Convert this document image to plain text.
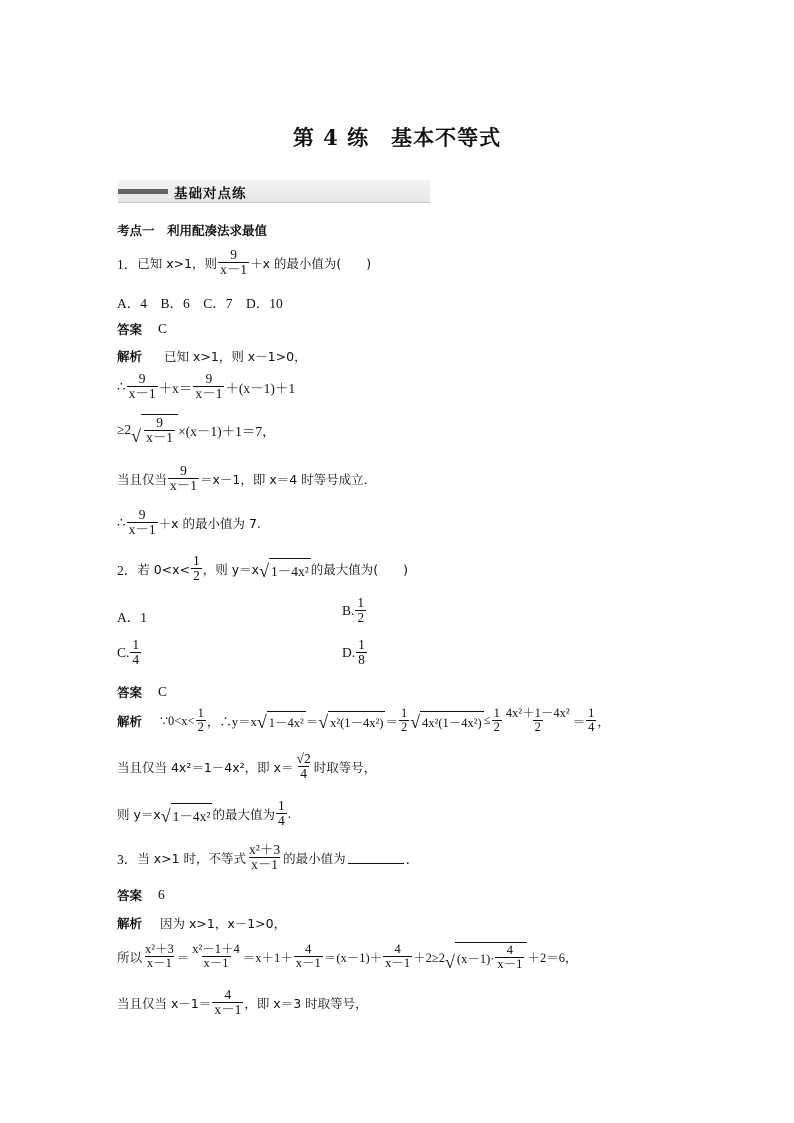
第 4 练 基本不等式
基础对点练
考点一　利用配凑法求最值
1． 已知 x>1，则 $\frac{9}{x-1} +x$ 的最小值为(　　)
A．4　B．6　C．7　D．10
答案 C
解析 已知 x>1，则 x－1>0，
∴ $\frac{9}{x-1} +x= \frac{9}{x-1} +(x-1)+1$
≥2 √ $\frac{9}{x-1} \times(x-1)+1=7$，
当且仅当 $\frac{9}{x-1} =x-1$，即 x＝4 时等号成立．
∴ $\frac{9}{x-1} +x$ 的最小值为 7.
2． 若 $0<x< \frac{1}{2}$ ，则 y＝x √ 1－4x² 的最大值为(　　)
A．1	B. $\frac{1}{2}$
C. $\frac{1}{4}$	D. $\frac{1}{8}$
答案 C
解析 ∵0<x< $\frac{1}{2}$ ，∴y＝x √ 1－4x² ＝ √ $x^2(1-4x^2) = \frac{1}{2}$ √ $4x^2(1-4x^2) \le \frac{1}{2} \frac{\text{4x²＋1－4x²}}{2} = \frac{1}{4}$ ，
当且仅当 4x²＝1－4x²，即 $x= \frac{√2}{4}$ 时取等号，
则 y＝x √ 1－4x² 的最大值为 $\frac{1}{4}$ .
3． 当 x>1 时，不等式 $\frac{\text{x²＋3}}{x-1}$ 的最小值为	．
答案 6
解析 因为 x>1，x－1>0，
所以 $\frac{\text{x²＋3}}{x-1} = \frac{\text{x²－1＋4}}{x-1} =x+1+ \frac{4}{x-1} =(x-1)+ \frac{4}{x-1} +2\ge 2$ √ $(x-1)\cdot \frac{4}{x-1} +2=6$，
当且仅当 $x-1= \frac{4}{x-1}$ ，即 x＝3 时取等号，
